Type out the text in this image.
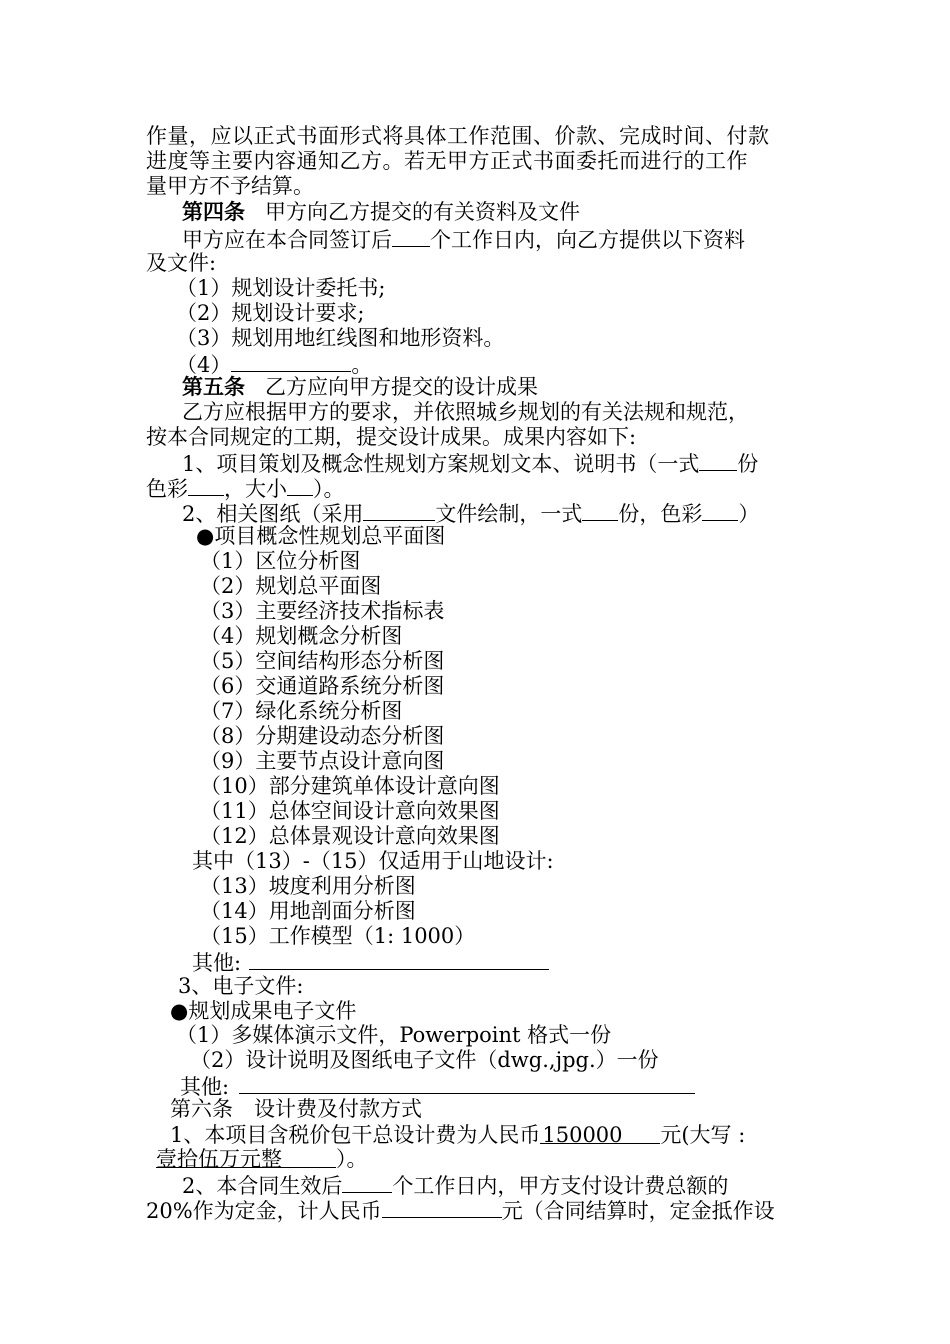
作量，应以正式书面形式将具体工作范围、价款、完成时间、付款
进度等主要内容通知乙方。若无甲方正式书面委托而进行的工作
量甲方不予结算。
第四条 甲方向乙方提交的有关资料及文件
甲方应在本合同签订后 个工作日内，向乙方提供以下资料
及文件:
（1）规划设计委托书;
（2）规划设计要求;
（3）规划用地红线图和地形资料。
（4）	。
第五条 乙方应向甲方提交的设计成果
乙方应根据甲方的要求，并依照城乡规划的有关法规和规范，
按本合同规定的工期，提交设计成果。成果内容如下:
1、项目策划及概念性规划方案规划文本、说明书（一式 份
色彩 ，大小 ）。
2、相关图纸（采用	文件绘制，一式 份，色彩 ）
●项目概念性规划总平面图
（1）区位分析图
（2）规划总平面图
（3）主要经济技术指标表
（4）规划概念分析图
（5）空间结构形态分析图
（6）交通道路系统分析图
（7）绿化系统分析图
（8）分期建设动态分析图
（9）主要节点设计意向图
（10）部分建筑单体设计意向图
（11）总体空间设计意向效果图
（12）总体景观设计意向效果图
其中（13）-（15）仅适用于山地设计:
（13）坡度利用分析图
（14）用地剖面分析图
（15）工作模型（1: 1000）
其他:
3、电子文件:
●规划成果电子文件
（1）多媒体演示文件，Powerpoint 格式一份
（2）设计说明及图纸电子文件（dwg.,jpg.）一份
其他:
第六条　设计费及付款方式
1、本项目含税价包干总设计费为人民币150000 元(大写 :
壹拾伍万元整	）。
2、本合同生效后 个工作日内，甲方支付设计费总额的
20%作为定金，计人民币	元（合同结算时，定金抵作设
